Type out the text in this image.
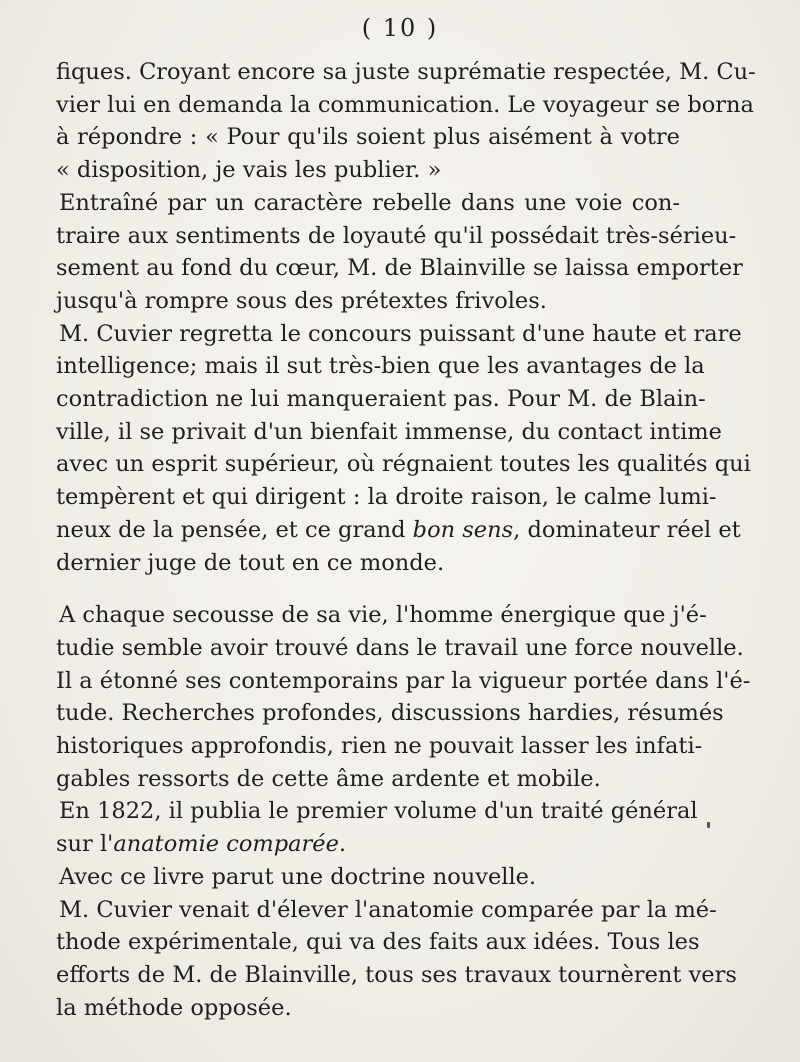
( 10 )
fiques. Croyant encore sa juste suprématie respectée, M. Cu-
vier lui en demanda la communication. Le voyageur se borna
à répondre : « Pour qu'ils soient plus aisément à votre
« disposition, je vais les publier. »
Entraîné par un caractère rebelle dans une voie con-
traire aux sentiments de loyauté qu'il possédait très-sérieu-
sement au fond du cœur, M. de Blainville se laissa emporter
jusqu'à rompre sous des prétextes frivoles.
M. Cuvier regretta le concours puissant d'une haute et rare
intelligence; mais il sut très-bien que les avantages de la
contradiction ne lui manqueraient pas. Pour M. de Blain-
ville, il se privait d'un bienfait immense, du contact intime
avec un esprit supérieur, où régnaient toutes les qualités qui
tempèrent et qui dirigent : la droite raison, le calme lumi-
neux de la pensée, et ce grand bon sens, dominateur réel et
dernier juge de tout en ce monde.
A chaque secousse de sa vie, l'homme énergique que j'é-
tudie semble avoir trouvé dans le travail une force nouvelle.
Il a étonné ses contemporains par la vigueur portée dans l'é-
tude. Recherches profondes, discussions hardies, résumés
historiques approfondis, rien ne pouvait lasser les infati-
gables ressorts de cette âme ardente et mobile.
En 1822, il publia le premier volume d'un traité général
sur l'anatomie comparée.
Avec ce livre parut une doctrine nouvelle.
M. Cuvier venait d'élever l'anatomie comparée par la mé-
thode expérimentale, qui va des faits aux idées. Tous les
efforts de M. de Blainville, tous ses travaux tournèrent vers
la méthode opposée.
